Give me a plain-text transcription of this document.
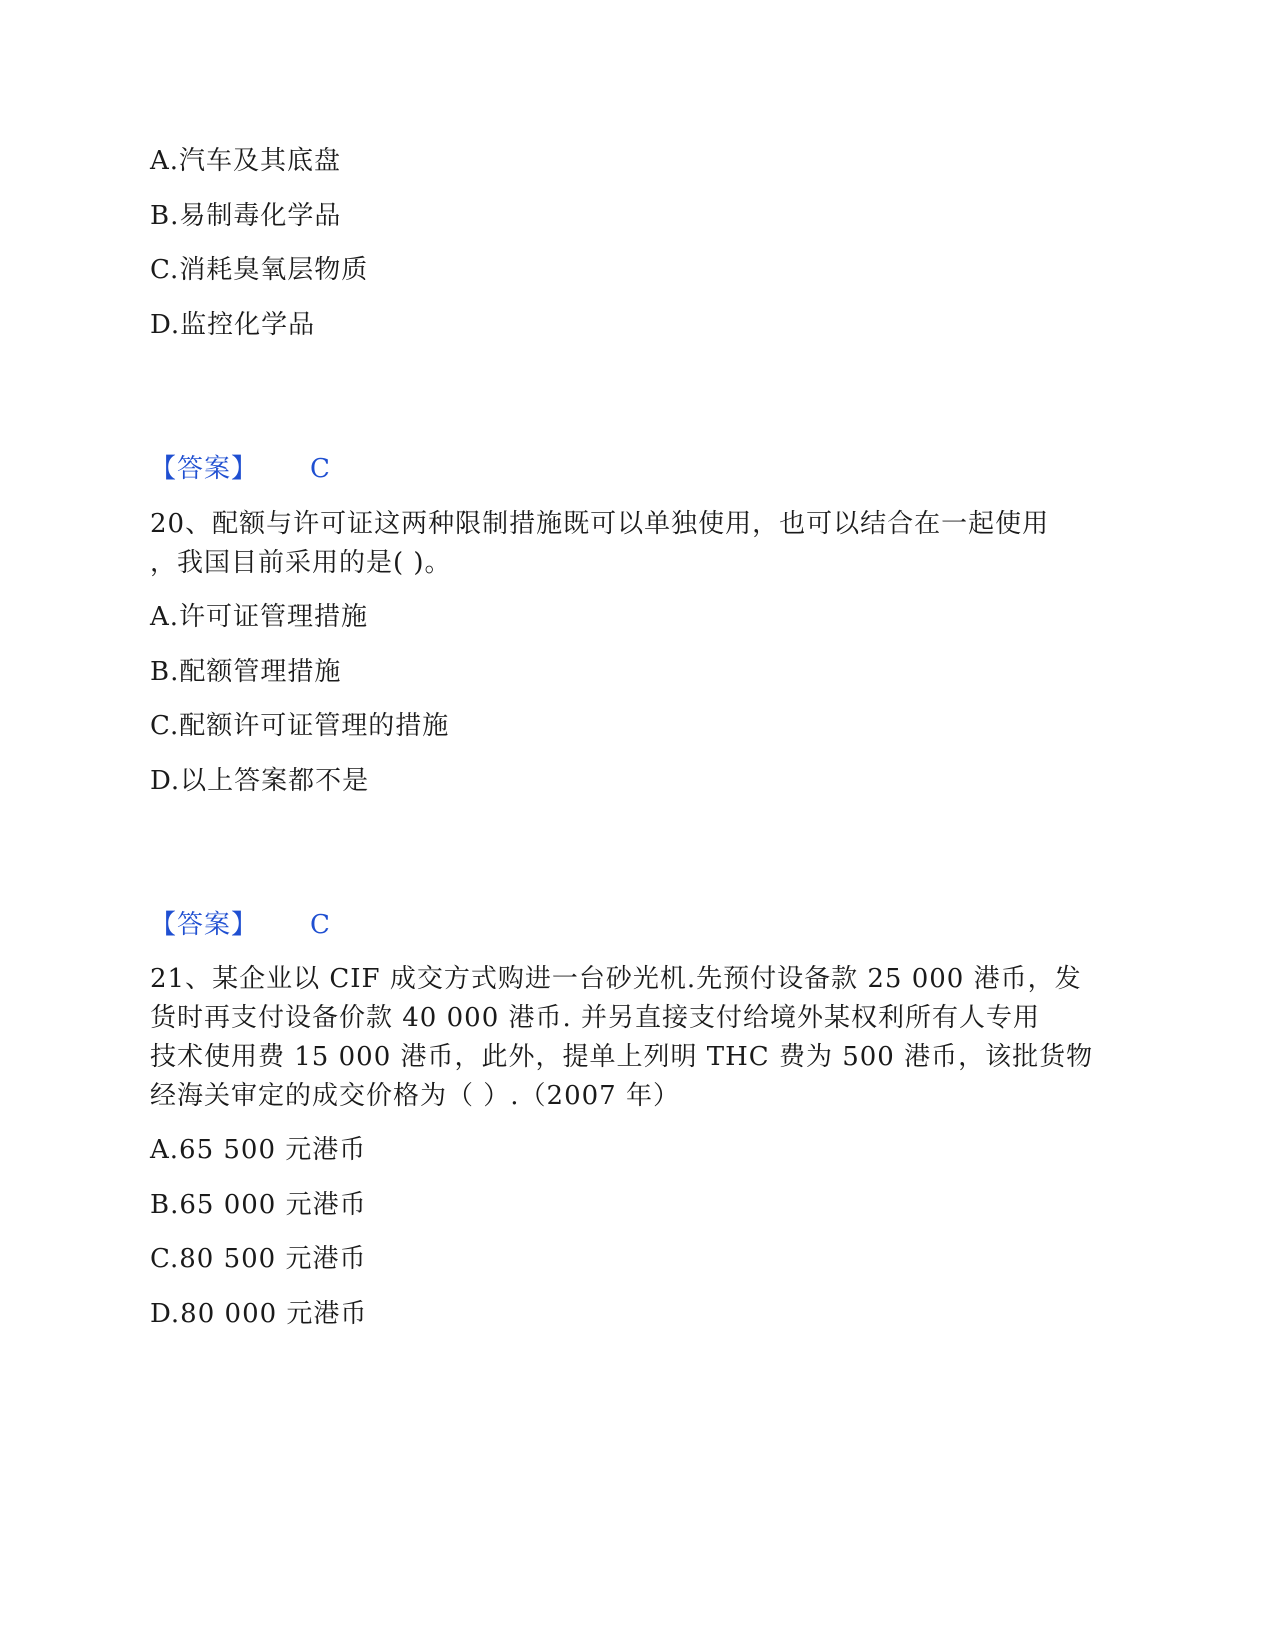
A.汽车及其底盘
B.易制毒化学品
C.消耗臭氧层物质
D.监控化学品
【答案】 C
20、配额与许可证这两种限制措施既可以单独使用，也可以结合在一起使用
，我国目前采用的是( )。
A.许可证管理措施
B.配额管理措施
C.配额许可证管理的措施
D.以上答案都不是
【答案】 C
21、某企业以 CIF 成交方式购进一台砂光机.先预付设备款 25 000 港币，发
货时再支付设备价款 40 000 港币. 并另直接支付给境外某权利所有人专用
技术使用费 15 000 港币，此外，提单上列明 THC 费为 500 港币，该批货物
经海关审定的成交价格为（ ）.（2007 年）
A.65 500 元港币
B.65 000 元港币
C.80 500 元港币
D.80 000 元港币
